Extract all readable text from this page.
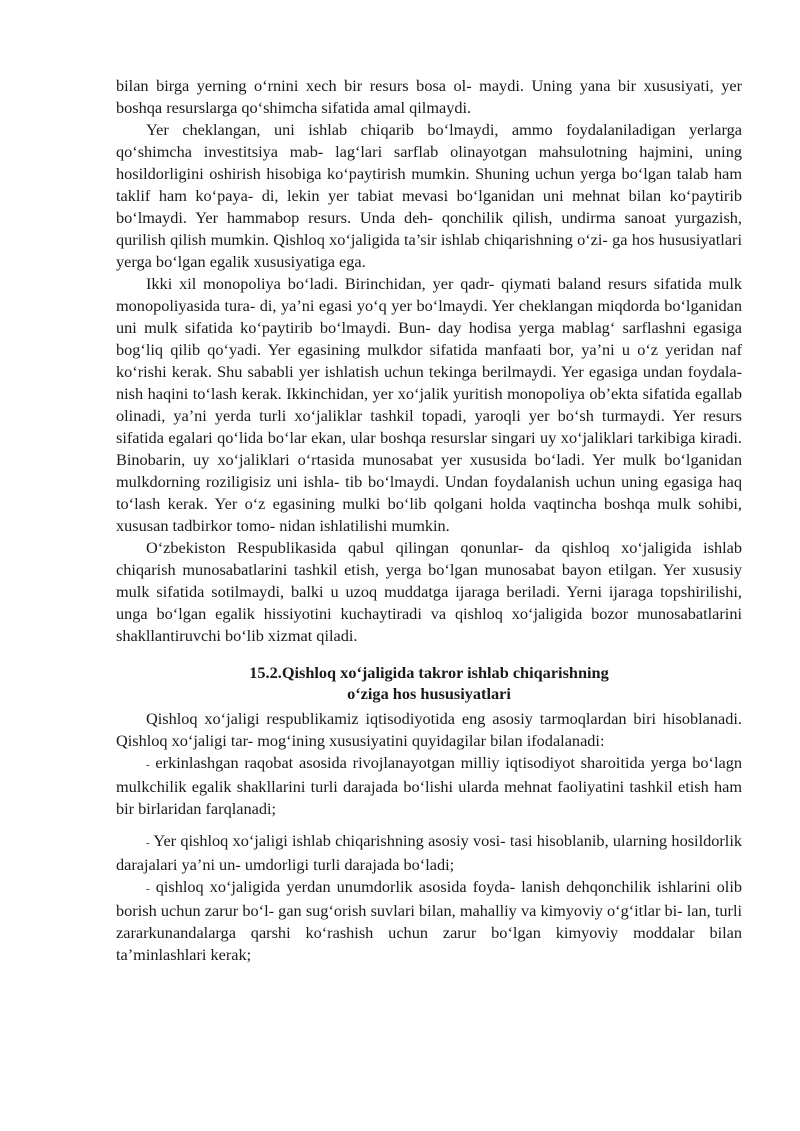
bilan birga yerning o‘rnini xech bir resurs bosa ol- maydi. Uning yana bir xususiyati, yer boshqa resurslarga qo‘shimcha sifatida amal qilmaydi.

Yer cheklangan, uni ishlab chiqarib bo‘lmaydi, ammo foydalaniladigan yerlarga qo‘shimcha investitsiya mab- lag‘lari sarflab olinayotgan mahsulotning hajmini, uning hosildorligini oshirish hisobiga ko‘paytirish mumkin. Shuning uchun yerga bo‘lgan talab ham taklif ham ko‘paya- di, lekin yer tabiat mevasi bo‘lganidan uni mehnat bilan ko‘paytirib bo‘lmaydi. Yer hammabop resurs. Unda deh- qonchilik qilish, undirma sanoat yurgazish, qurilish qilish mumkin. Qishloq xo‘jaligida ta’sir ishlab chiqarishning o‘zi- ga hos hususiyatlari yerga bo‘lgan egalik xususiyatiga ega.

Ikki xil monopoliya bo‘ladi. Birinchidan, yer qadr- qiymati baland resurs sifatida mulk monopoliyasida tura- di, ya’ni egasi yo‘q yer bo‘lmaydi. Yer cheklangan miqdorda bo‘lganidan uni mulk sifatida ko‘paytirib bo‘lmaydi. Bun- day hodisa yerga mablag‘ sarflashni egasiga bog‘liq qilib qo‘yadi. Yer egasining mulkdor sifatida manfaati bor, ya’ni u o‘z yeridan naf ko‘rishi kerak. Shu sababli yer ishlatish uchun tekinga berilmaydi. Yer egasiga undan foydala- nish haqini to‘lash kerak. Ikkinchidan, yer xo‘jalik yuritish monopoliya ob’ekta sifatida egallab olinadi, ya’ni yerda turli xo‘jaliklar tashkil topadi, yaroqli yer bo‘sh turmaydi. Yer resurs sifatida egalari qo‘lida bo‘lar ekan, ular boshqa resurslar singari uy xo‘jaliklari tarkibiga kiradi. Binobarin, uy xo‘jaliklari o‘rtasida munosabat yer xususida bo‘ladi. Yer mulk bo‘lganidan mulkdorning roziligisiz uni ishla- tib bo‘lmaydi. Undan foydalanish uchun uning egasiga haq to‘lash kerak. Yer o‘z egasining mulki bo‘lib qolgani holda vaqtincha boshqa mulk sohibi, xususan tadbirkor tomo- nidan ishlatilishi mumkin.

O‘zbekiston Respublikasida qabul qilingan qonunlar- da qishloq xo‘jaligida ishlab chiqarish munosabatlarini tashkil etish, yerga bo‘lgan munosabat bayon etilgan. Yer xususiy mulk sifatida sotilmaydi, balki u uzoq muddatga ijaraga beriladi. Yerni ijaraga topshirilishi, unga bo‘lgan egalik hissiyotini kuchaytiradi va qishloq xo‘jaligida bozor munosabatlarini shakllantiruvchi bo‘lib xizmat qiladi.

15.2.Qishloq xo‘jaligida takror ishlab chiqarishning
o‘ziga hos hususiyatlari

Qishloq xo‘jaligi respublikamiz iqtisodiyotida eng asosiy tarmoqlardan biri hisoblanadi. Qishloq xo‘jaligi tar- mog‘ining xususiyatini quyidagilar bilan ifodalanadi:

- erkinlashgan raqobat asosida rivojlanayotgan milliy iqtisodiyot sharoitida yerga bo‘lagn mulkchilik egalik shakllarini turli darajada bo‘lishi ularda mehnat faoliyatini tashkil etish ham bir birlaridan farqlanadi;

- Yer qishloq xo‘jaligi ishlab chiqarishning asosiy vosi- tasi hisoblanib, ularning hosildorlik darajalari ya’ni un- umdorligi turli darajada bo‘ladi;

- qishloq xo‘jaligida yerdan unumdorlik asosida foyda- lanish dehqonchilik ishlarini olib borish uchun zarur bo‘l- gan sug‘orish suvlari bilan, mahalliy va kimyoviy o‘g‘itlar bi- lan, turli zararkunandalarga qarshi ko‘rashish uchun zarur bo‘lgan kimyoviy moddalar bilan ta’minlashlari kerak;
